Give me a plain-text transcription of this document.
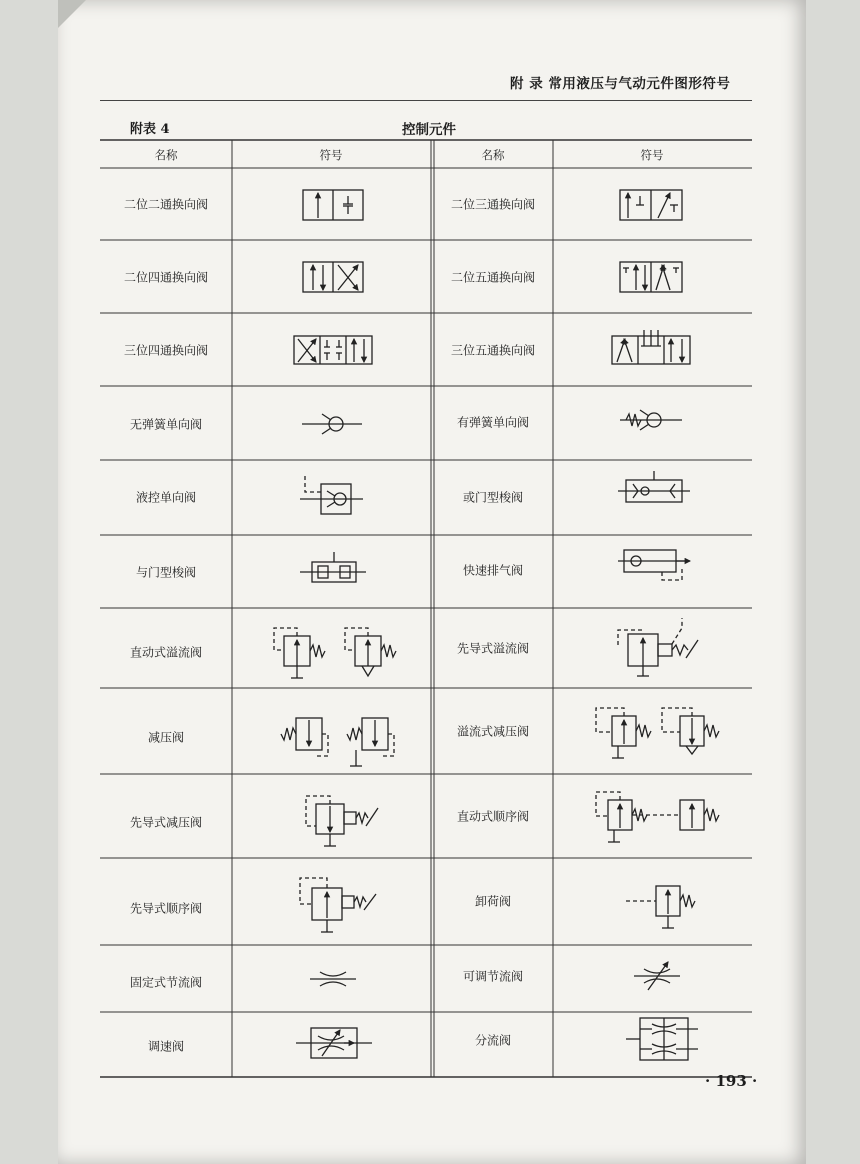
附 录 常用液压与气动元件图形符号
附表 4	控制元件
名称	符号	名称	符号
二位二通换向阀	二位三通换向阀
二位四通换向阀	二位五通换向阀
三位四通换向阀	三位五通换向阀
无弹簧单向阀	有弹簧单向阀
液控单向阀	或门型梭阀
与门型梭阀	快速排气阀
直动式溢流阀	先导式溢流阀
减压阀	溢流式减压阀
先导式减压阀	直动式顺序阀
先导式顺序阀	卸荷阀
固定式节流阀	可调节流阀
调速阀	分流阀
· 193 ·
